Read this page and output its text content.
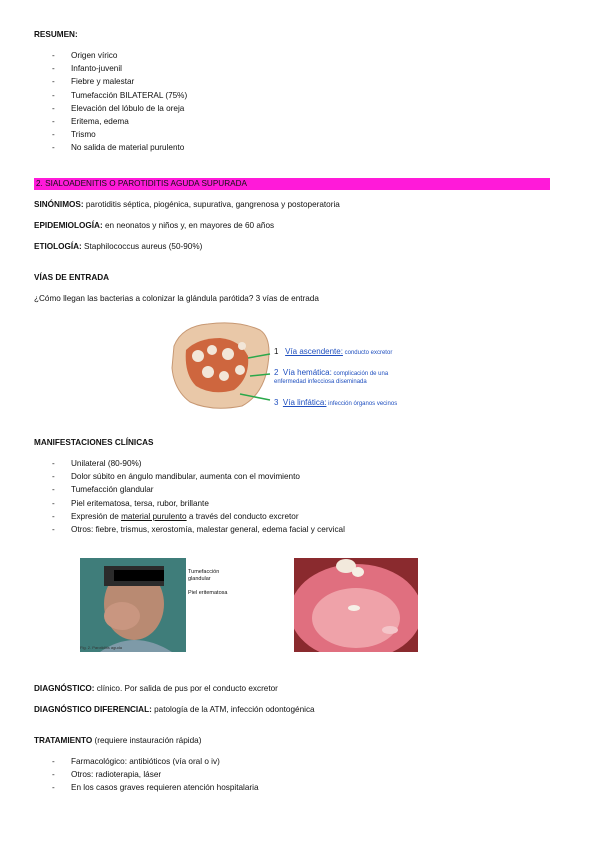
RESUMEN:
- Origen vírico
- Infanto-juvenil
- Fiebre y malestar
- Tumefacción BILATERAL (75%)
- Elevación del lóbulo de la oreja
- Eritema, edema
- Trismo
- No salida de material purulento
2. SIALOADENITIS O PAROTIDITIS AGUDA SUPURADA
SINÓNIMOS: parotiditis séptica, piogénica, supurativa, gangrenosa y postoperatoria
EPIDEMIOLOGÍA: en neonatos y niños y, en mayores de 60 años
ETIOLOGÍA: Staphilococcus aureus (50-90%)
VÍAS DE ENTRADA
¿Cómo llegan las bacterias a colonizar la glándula parótida? 3 vías de entrada
1 Vía ascendente: conducto excretor
2 Vía hemática: complicación de una
enfermedad infecciosa diseminada
3 Vía linfática: infección órganos vecinos
MANIFESTACIONES CLÍNICAS
- Unilateral (80-90%)
- Dolor súbito en ángulo mandibular, aumenta con el movimiento
- Tumefacción glandular
- Piel eritematosa, tersa, rubor, brillante
- Expresión de material purulento a través del conducto excretor
- Otros: fiebre, trismus, xerostomía, malestar general, edema facial y cervical
Tumefacción
glandular
Piel eritematosa
Fig. 2. Parotiditis aguda
DIAGNÓSTICO: clínico. Por salida de pus por el conducto excretor
DIAGNÓSTICO DIFERENCIAL: patología de la ATM, infección odontogénica
TRATAMIENTO (requiere instauración rápida)
- Farmacológico: antibióticos (vía oral o iv)
- Otros: radioterapia, láser
- En los casos graves requieren atención hospitalaria
